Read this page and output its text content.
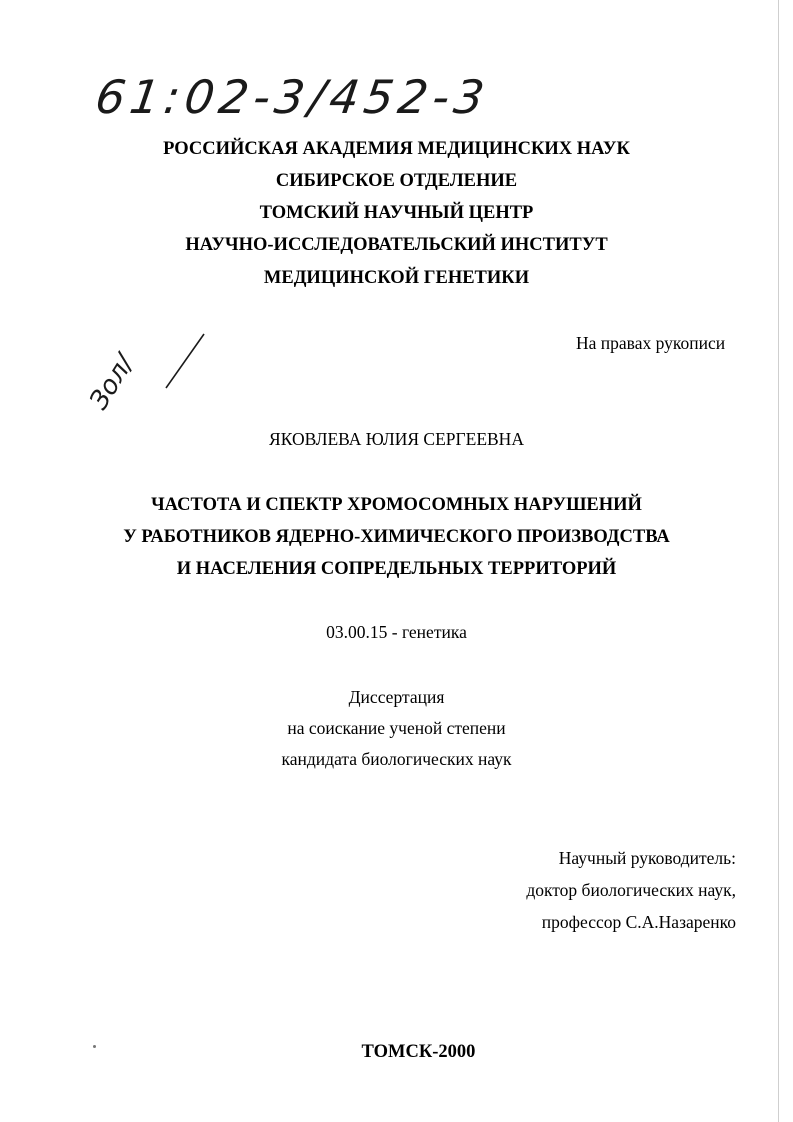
61:02-3/452-3
РОССИЙСКАЯ АКАДЕМИЯ МЕДИЦИНСКИХ НАУК
СИБИРСКОЕ ОТДЕЛЕНИЕ
ТОМСКИЙ НАУЧНЫЙ ЦЕНТР
НАУЧНО-ИССЛЕДОВАТЕЛЬСКИЙ ИНСТИТУТ
МЕДИЦИНСКОЙ ГЕНЕТИКИ
На правах рукописи
Зол/
ЯКОВЛЕВА ЮЛИЯ СЕРГЕЕВНА
ЧАСТОТА И СПЕКТР ХРОМОСОМНЫХ НАРУШЕНИЙ
У РАБОТНИКОВ ЯДЕРНО-ХИМИЧЕСКОГО ПРОИЗВОДСТВА
И НАСЕЛЕНИЯ СОПРЕДЕЛЬНЫХ ТЕРРИТОРИЙ
03.00.15 - генетика
Диссертация
на соискание ученой степени
кандидата биологических наук
Научный руководитель:
доктор биологических наук,
профессор С.А.Назаренко
ТОМСК-2000
